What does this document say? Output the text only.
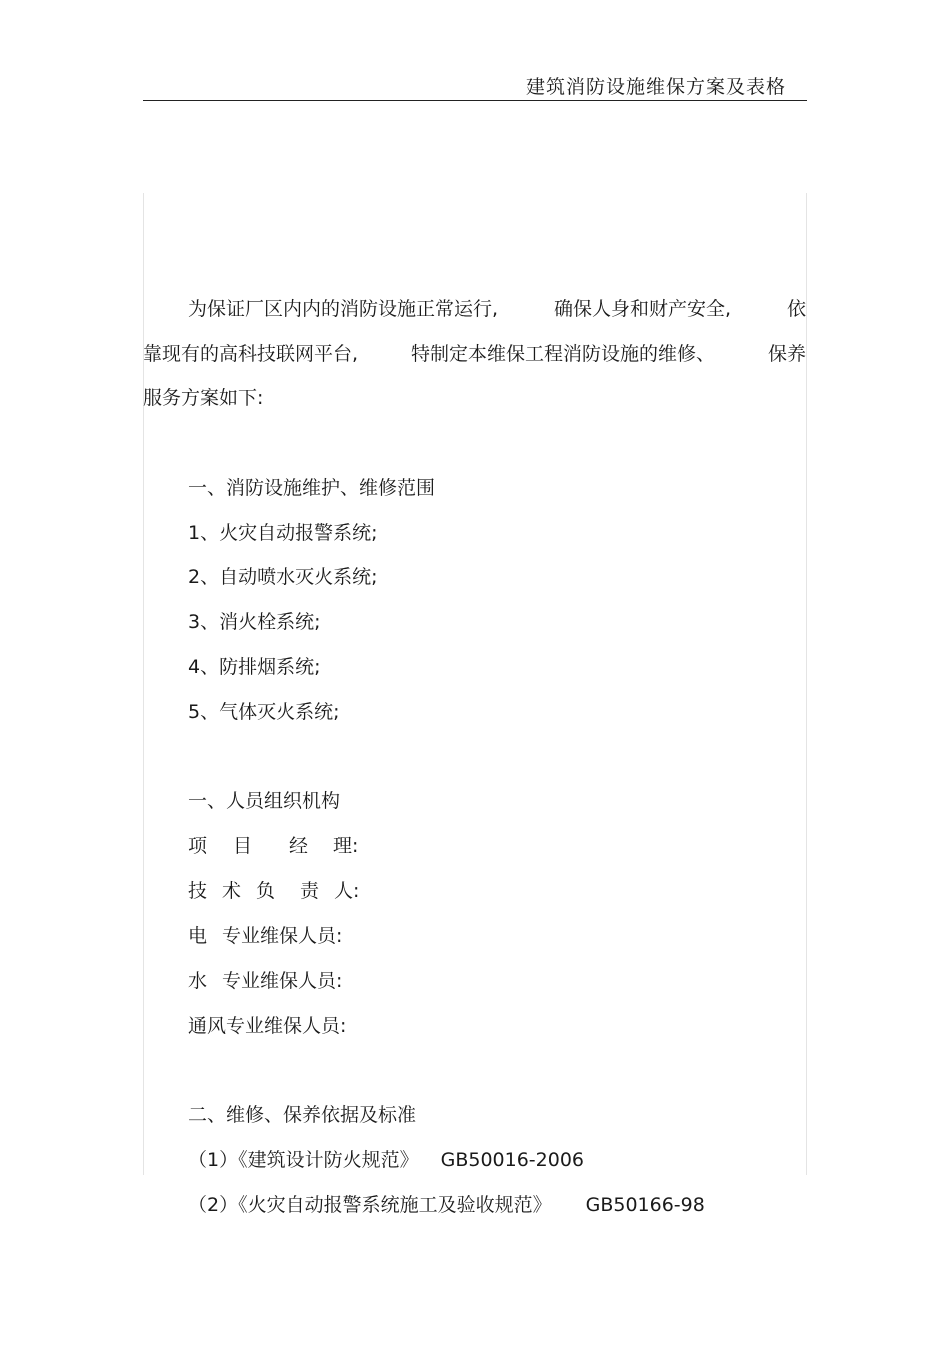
建筑消防设施维保方案及表格
为保证厂区内内的消防设施正常运行,	确保人身和财产安全,	依
靠现有的高科技联网平台,	特制定本维保工程消防设施的维修、	保养
服务方案如下:
一、消防设施维护、维修范围
1、火灾自动报警系统;
2、自动喷水灭火系统;
3、消火栓系统;
4、防排烟系统;
5、气体灭火系统;
一、人员组织机构
项 目 经 理:
技 术 负 责 人:
电 专业维保人员:
水 专业维保人员:
通风专业维保人员:
二、维修、保养依据及标准
（1）《建筑设计防火规范》 GB50016-2006
（2）《火灾自动报警系统施工及验收规范》 GB50166-98
